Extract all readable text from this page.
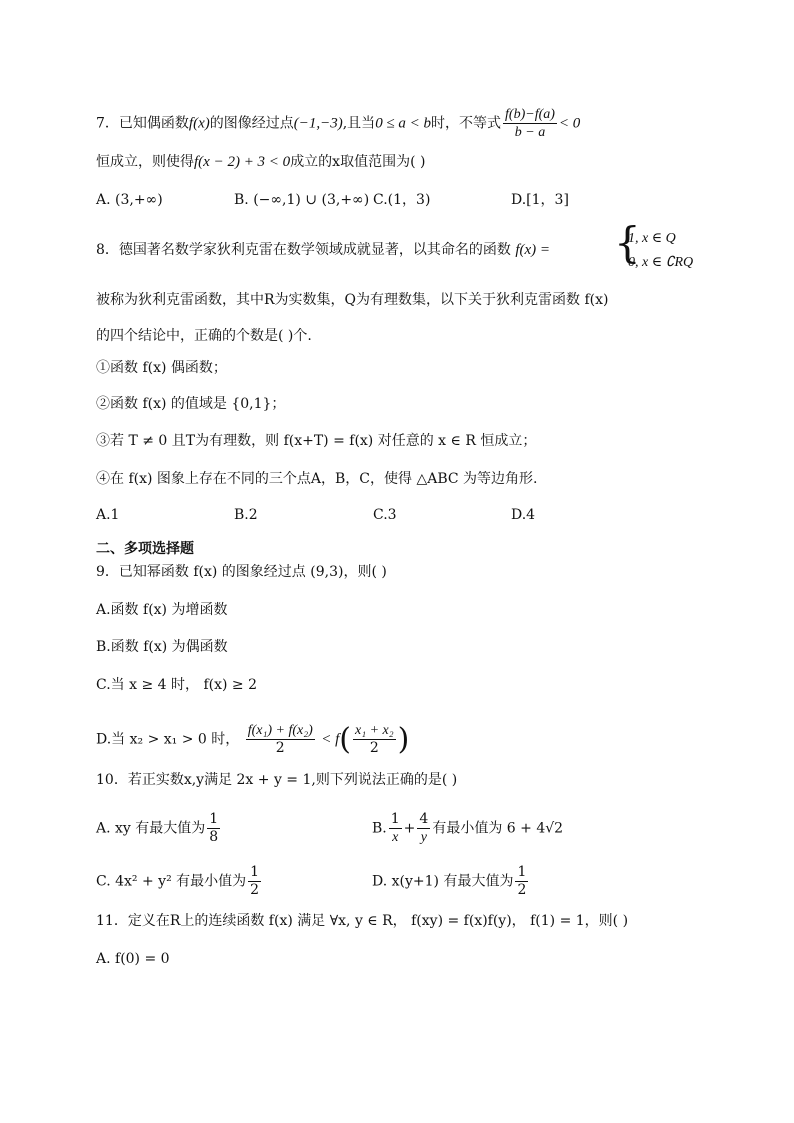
7．已知偶函数f(x)的图像经过点(−1,−3),且当0 ≤ a < b时，不等式 $\frac{f(b)-f(a)}{b - a} < 0$
恒成立，则使得f(x − 2) + 3 < 0成立的x取值范围为( )
A. (3,+∞)	B. (−∞,1) ∪ (3,+∞) C.(1，3)	D.[1，3]
8．德国著名数学家狄利克雷在数学领域成就显著，以其命名的函数 f(x) = {
1, x ∈ Q
0, x ∈ ∁RQ
被称为狄利克雷函数，其中R为实数集，Q为有理数集，以下关于狄利克雷函数 f(x)
的四个结论中，正确的个数是( )个.
①函数 f(x) 偶函数；
②函数 f(x) 的值域是 {0,1}；
③若 T ≠ 0 且T为有理数，则 f(x+T) = f(x) 对任意的 x ∈ R 恒成立；
④在 f(x) 图象上存在不同的三个点A，B，C，使得 △ABC 为等边角形.
A.1	B.2	C.3	D.4
二、多项选择题
9．已知幂函数 f(x) 的图象经过点 (9,3)，则( )
A.函数 f(x) 为增函数
B.函数 f(x) 为偶函数
C.当 x ≥ 4 时， f(x) ≥ 2
D.当 x₂ > x₁ > 0 时， $\frac{\text{f(x₁) + f(x₂)}}{2} < f( \frac{\text{x₁ + x₂}}{2}$ )
10．若正实数x,y满足 2x + y = 1,则下列说法正确的是( )
A. xy 有最大值为 $\frac{1}{8}$	B. $\frac{1}{x} + \frac{4}{y}$ 有最小值为 6 + 4√2
C. 4x² + y² 有最小值为 $\frac{1}{2}$	D. x(y+1) 有最大值为 $\frac{1}{2}$
11．定义在R上的连续函数 f(x) 满足 ∀x, y ∈ R， f(xy) = f(x)f(y)， f(1) = 1，则( )
A. f(0) = 0
